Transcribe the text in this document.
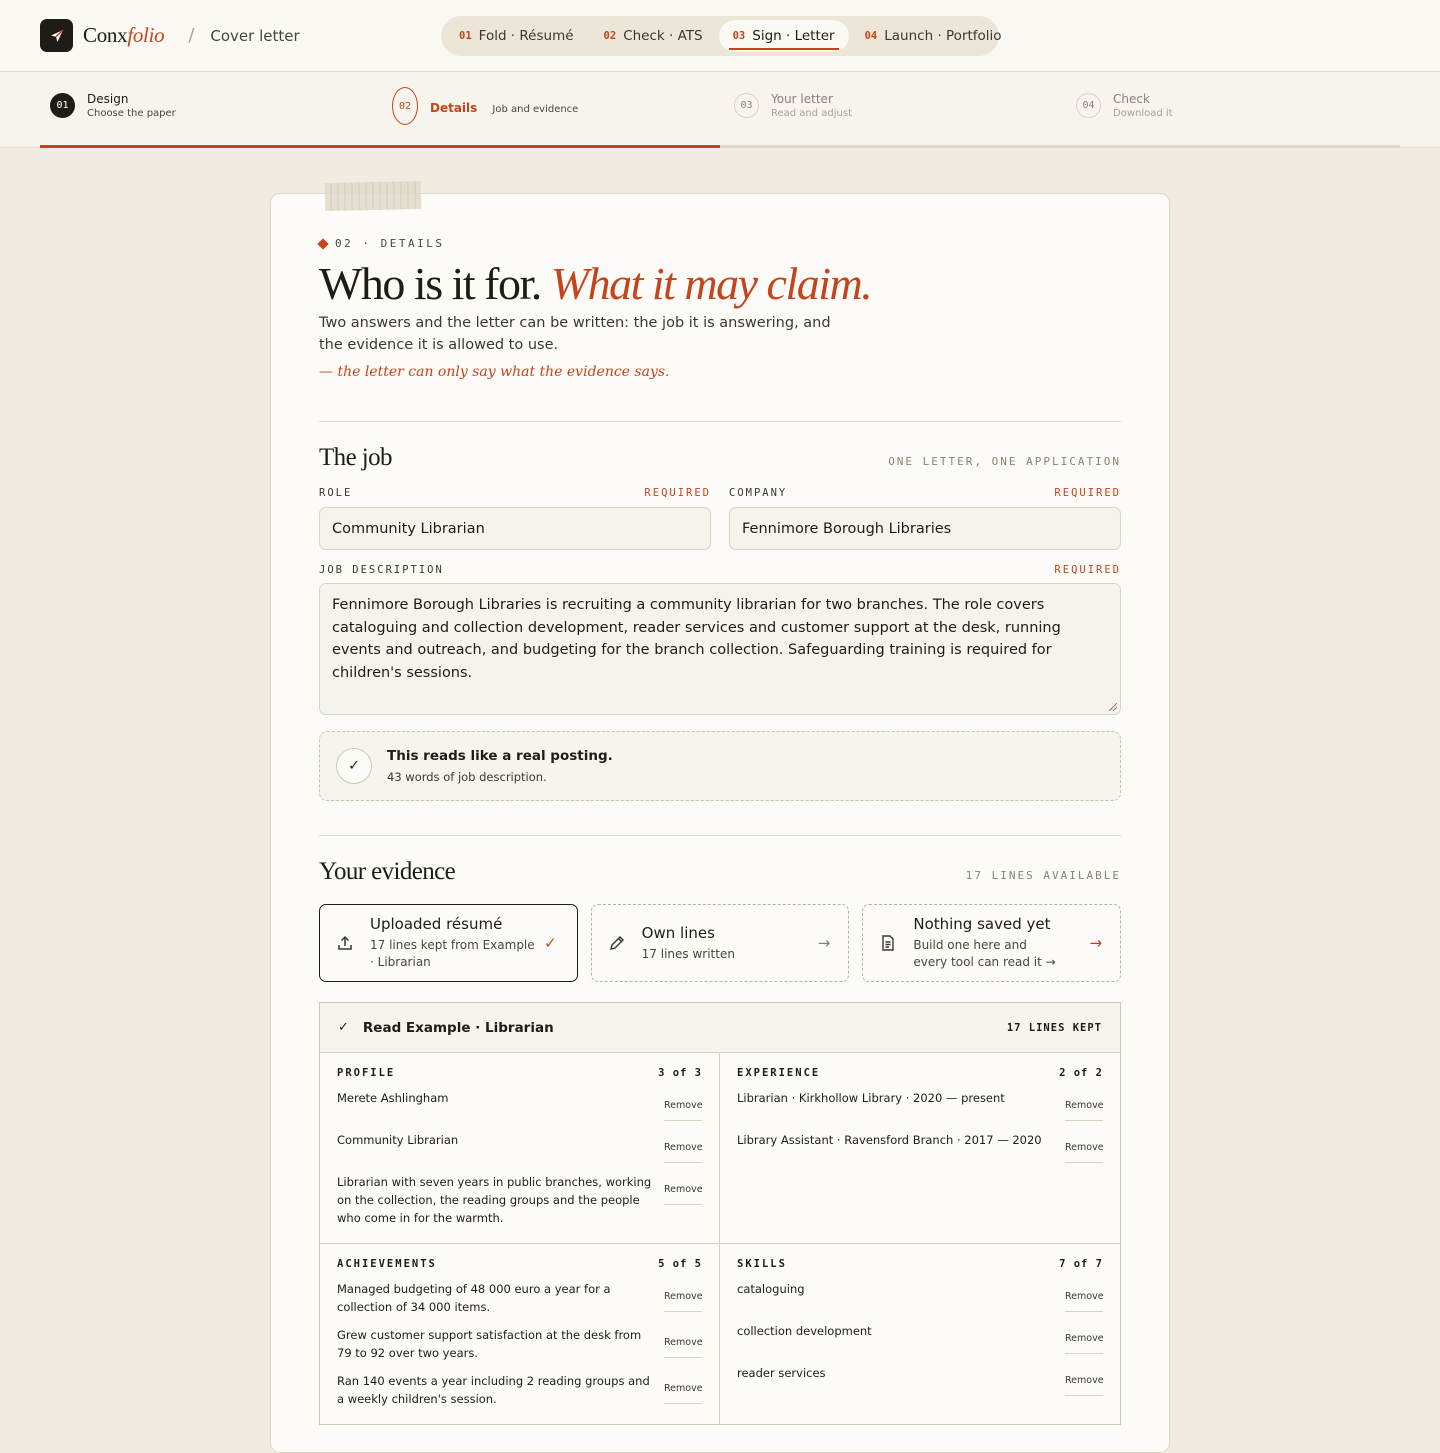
Conxfolio / Cover letter	01 Fold · Résumé	02 Check · ATS	03 Sign · Letter	04 Launch · Portfolio
01	Design
Choose the paper
02	Details Job and evidence	03	Your letter
Read and adjust
04	Check
Download it
02 · DETAILS
Who is it for. What it may claim.
Two answers and the letter can be written: the job it is answering, and the evidence it is allowed to use.
— the letter can only say what the evidence says.
The job	ONE LETTER, ONE APPLICATION
ROLE	REQUIRED
Community Librarian
COMPANY	REQUIRED
Fennimore Borough Libraries
JOB DESCRIPTION	REQUIRED
Fennimore Borough Libraries is recruiting a community librarian for two branches. The role covers cataloguing and collection development, reader services and customer support at the desk, running events and outreach, and budgeting for the branch collection. Safeguarding training is required for children's sessions.
✓
This reads like a real posting.
43 words of job description.
Your evidence	17 LINES AVAILABLE
Uploaded résumé
17 lines kept from Example · Librarian
✓
Own lines
17 lines written
→
Nothing saved yet
Build one here and every tool can read it →
→
✓ Read Example · Librarian	17 LINES KEPT
PROFILE	3 of 3
Merete Ashlingham
Remove
Community Librarian
Remove
Librarian with seven years in public branches, working on the collection, the reading groups and the people who come in for the warmth.
Remove
EXPERIENCE	2 of 2
Librarian · Kirkhollow Library · 2020 — present
Remove
Library Assistant · Ravensford Branch · 2017 — 2020
Remove
ACHIEVEMENTS	5 of 5
Managed budgeting of 48 000 euro a year for a collection of 34 000 items.
Remove
Grew customer support satisfaction at the desk from 79 to 92 over two years.
Remove
Ran 140 events a year including 2 reading groups and a weekly children's session.
Remove
SKILLS	7 of 7
cataloguing
Remove
collection development
Remove
reader services
Remove
